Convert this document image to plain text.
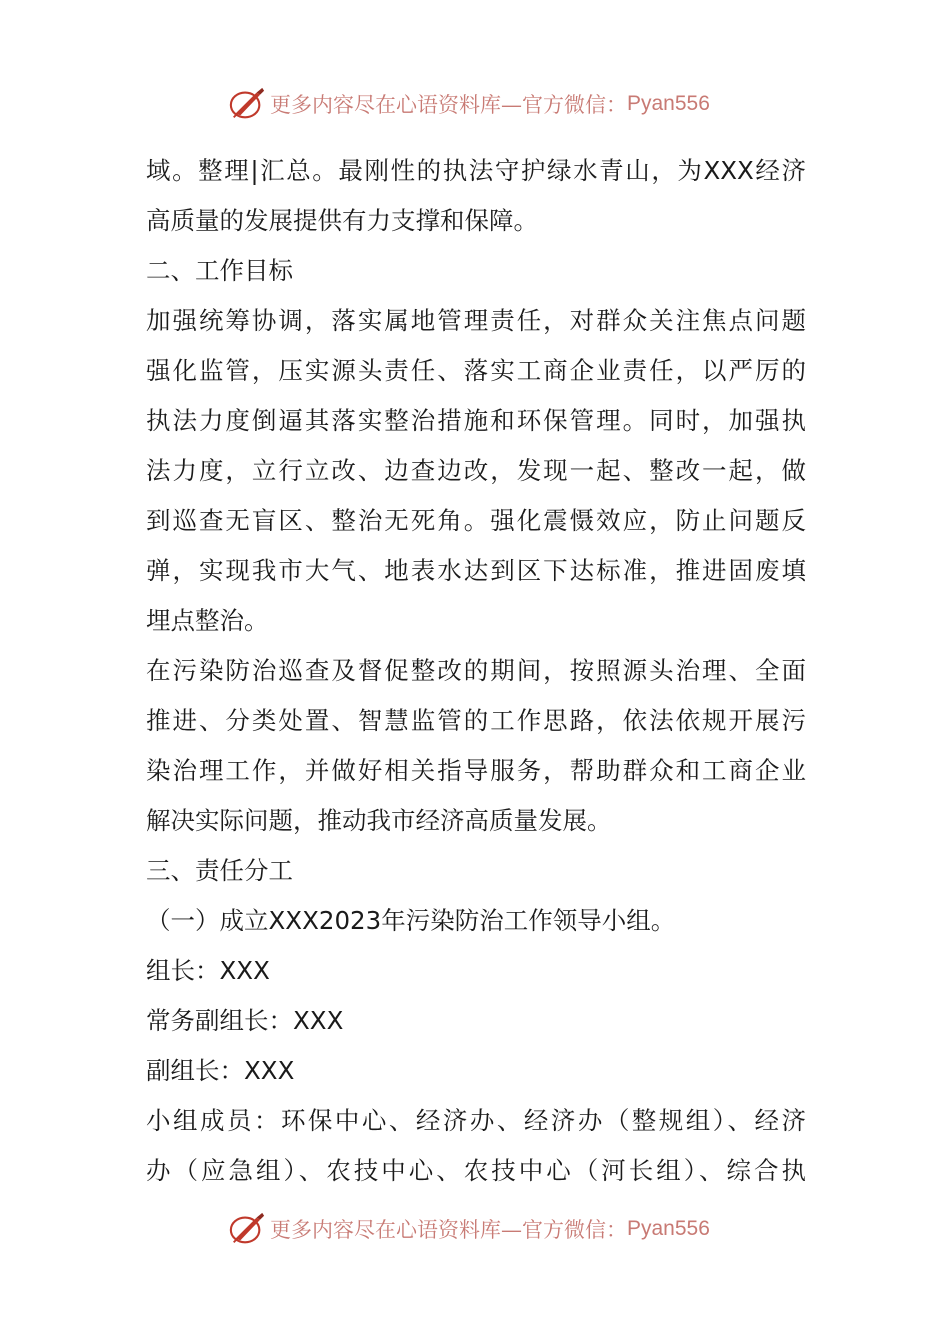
更多内容尽在心语资料库—官方微信： Pyan556
域。整理|汇总。最刚性的执法守护绿水青山，为XXX经济
高质量的发展提供有力支撑和保障。
二、工作目标
加强统筹协调，落实属地管理责任，对群众关注焦点问题
强化监管，压实源头责任、落实工商企业责任，以严厉的
执法力度倒逼其落实整治措施和环保管理。同时，加强执
法力度，立行立改、边查边改，发现一起、整改一起，做
到巡查无盲区、整治无死角。强化震慑效应，防止问题反
弹，实现我市大气、地表水达到区下达标准，推进固废填
埋点整治。
在污染防治巡查及督促整改的期间，按照源头治理、全面
推进、分类处置、智慧监管的工作思路，依法依规开展污
染治理工作，并做好相关指导服务，帮助群众和工商企业
解决实际问题，推动我市经济高质量发展。
三、责任分工
（一）成立XXX2023年污染防治工作领导小组。
组长：XXX
常务副组长：XXX
副组长：XXX
小组成员：环保中心、经济办、经济办（整规组）、经济
办（应急组）、农技中心、农技中心（河长组）、综合执
更多内容尽在心语资料库—官方微信： Pyan556
